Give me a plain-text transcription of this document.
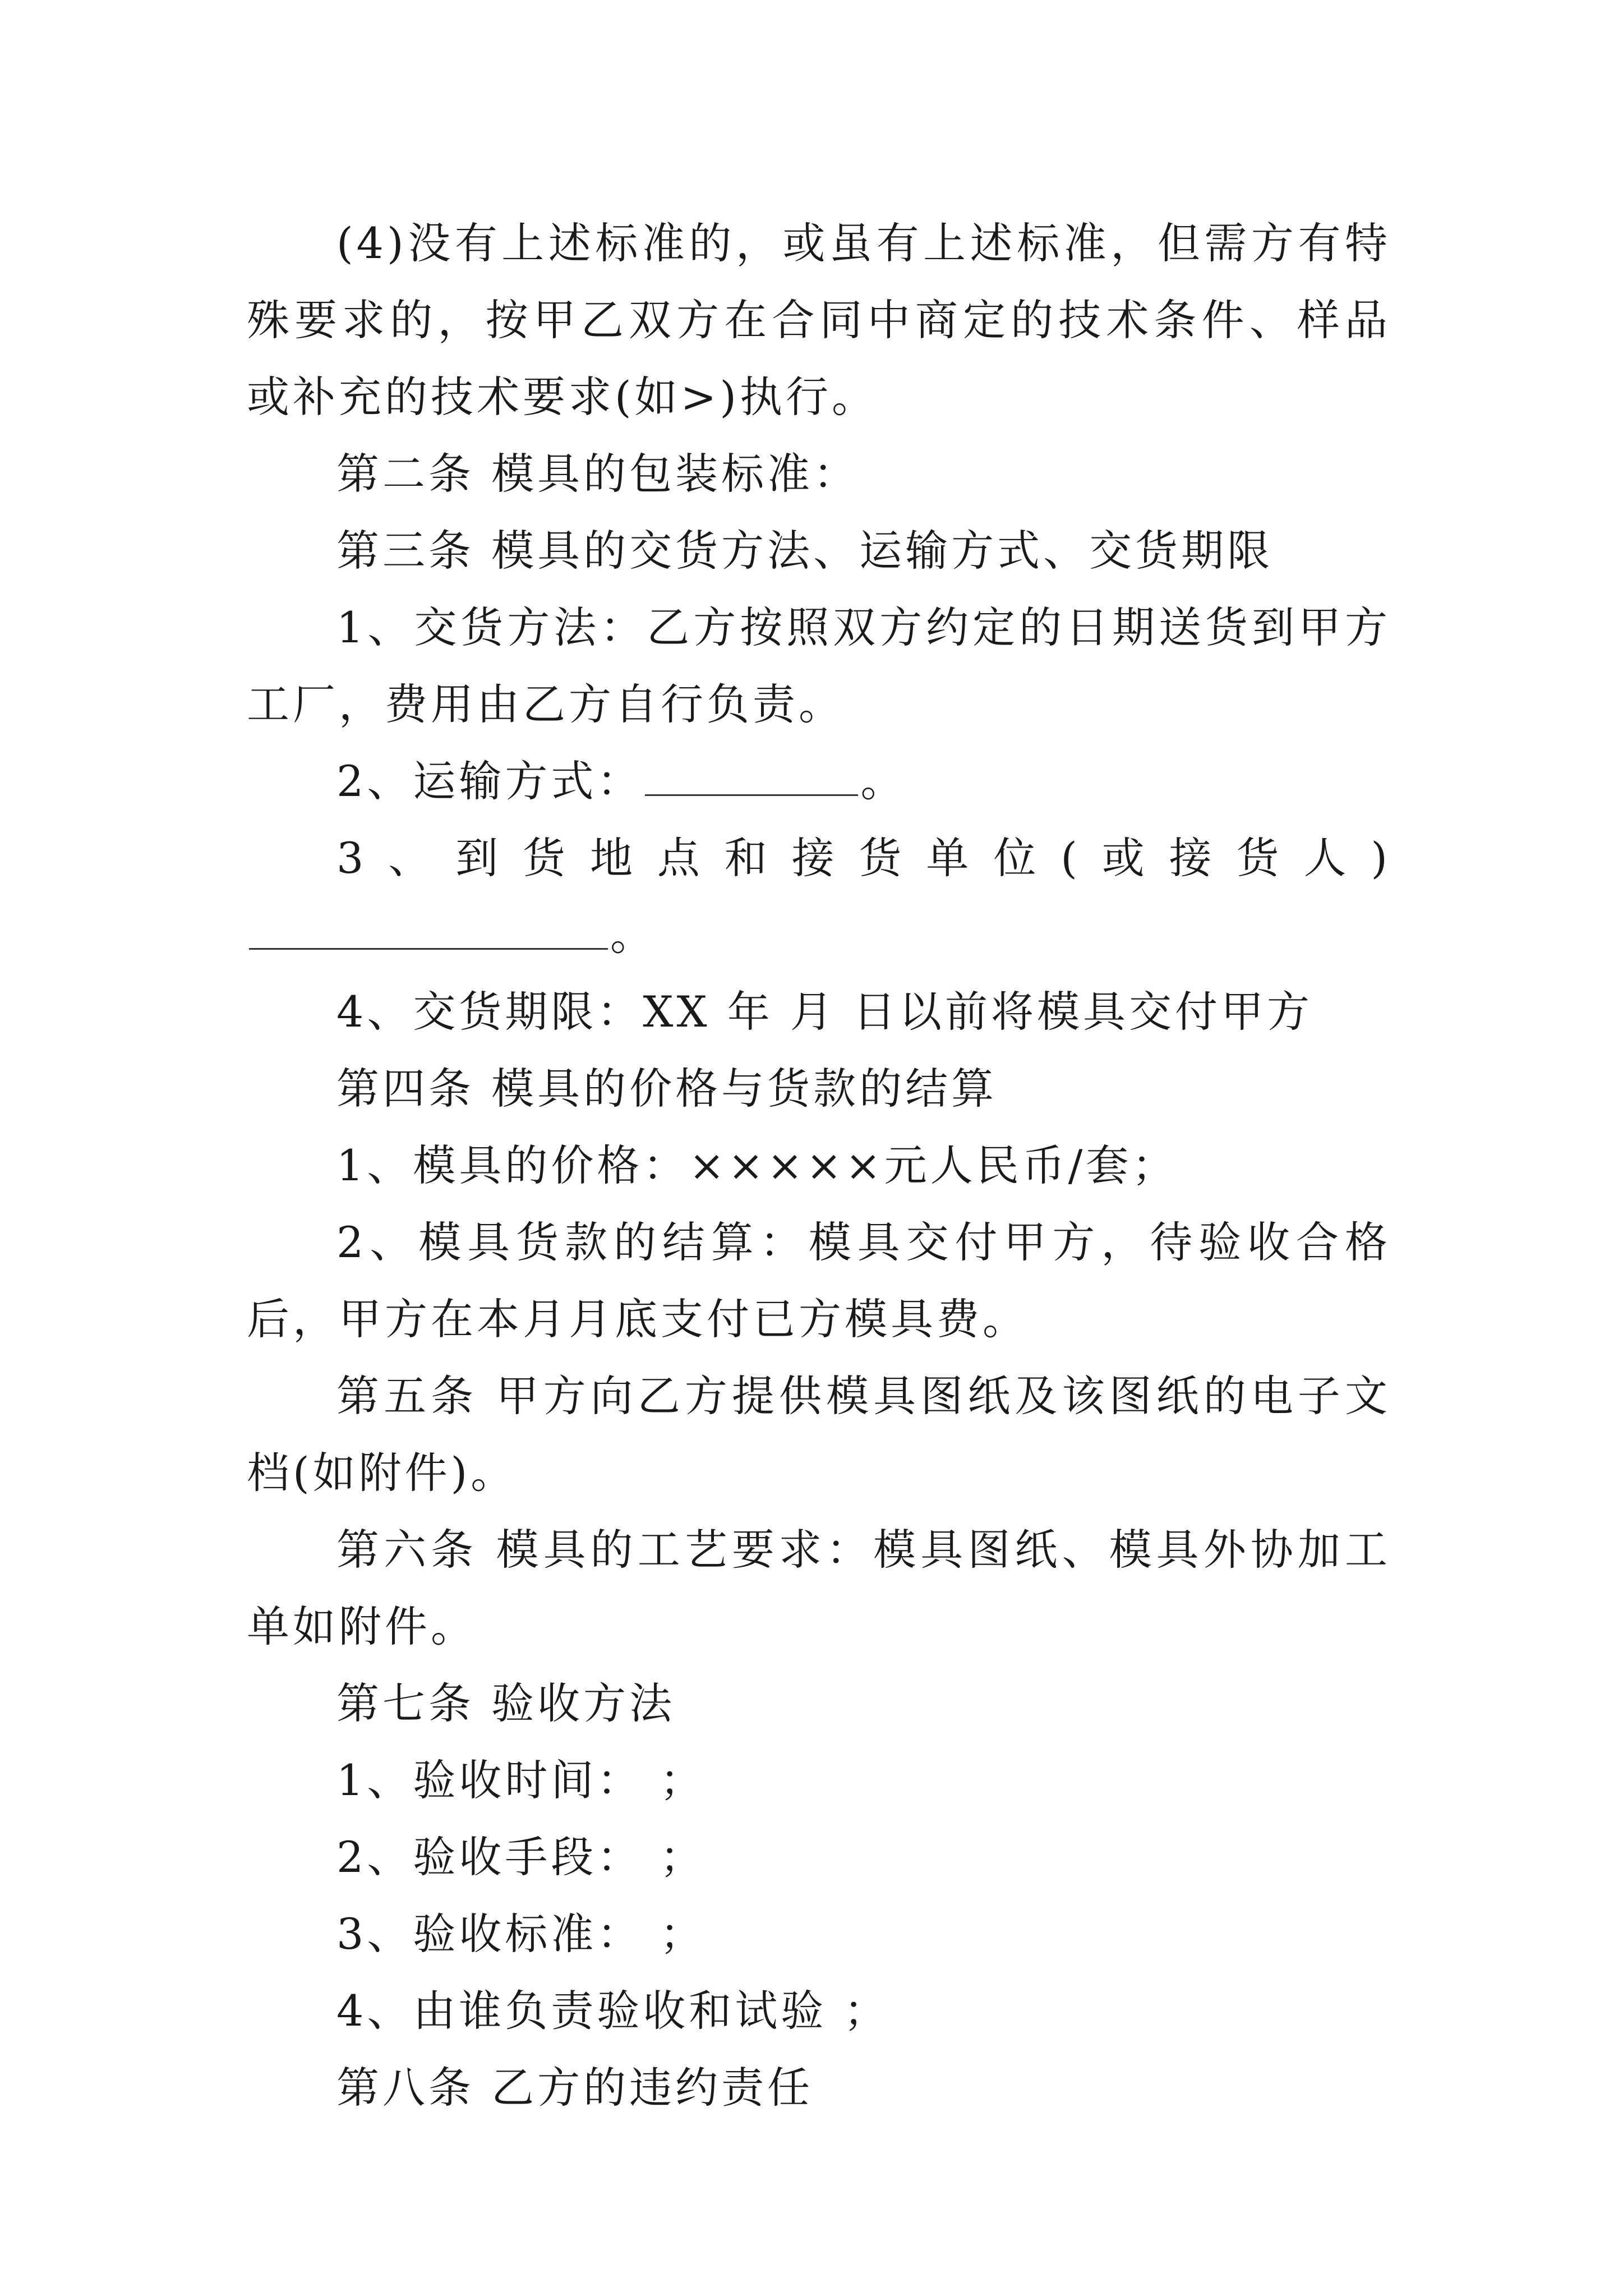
(4)没有上述标准的，或虽有上述标准，但需方有特殊要求的，按甲乙双方在合同中商定的技术条件、样品或补充的技术要求(如>)执行。

第二条 模具的包装标准：

第三条 模具的交货方法、运输方式、交货期限

1、交货方法：乙方按照双方约定的日期送货到甲方工厂，费用由乙方自行负责。

2、运输方式：	。

3、到货地点和接货单位(或接货人)。

4、交货期限：XX 年 月 日以前将模具交付甲方

第四条 模具的价格与货款的结算

1、模具的价格：×××××元人民币/套；

2、模具货款的结算：模具交付甲方，待验收合格后，甲方在本月月底支付已方模具费。

第五条 甲方向乙方提供模具图纸及该图纸的电子文档(如附件)。

第六条 模具的工艺要求：模具图纸、模具外协加工单如附件。

第七条 验收方法

1、验收时间： ；

2、验收手段： ；

3、验收标准： ；

4、由谁负责验收和试验 ；

第八条 乙方的违约责任
